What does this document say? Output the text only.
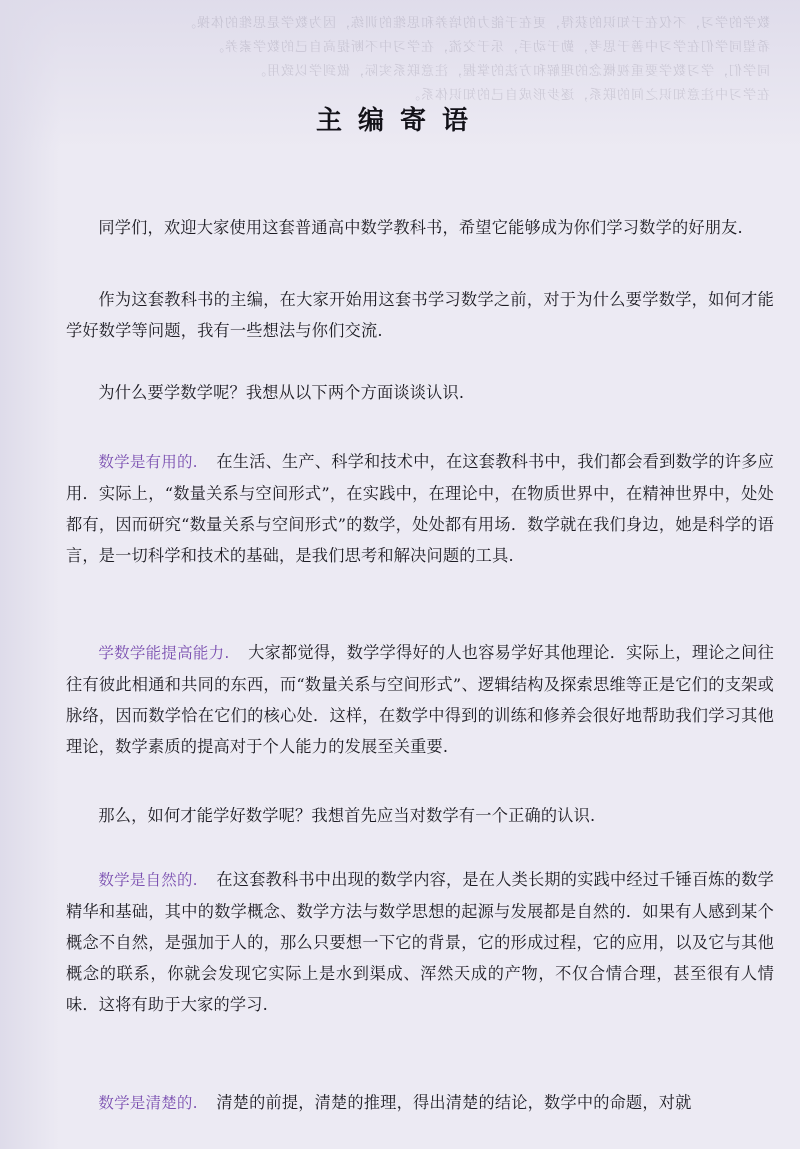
数学的学习，不仅在于知识的获得，更在于能力的培养和思维的训练，因为数学是思维的体操。
希望同学们在学习中善于思考，勤于动手，乐于交流，在学习中不断提高自己的数学素养。
同学们，学习数学要重视概念的理解和方法的掌握，注意联系实际，做到学以致用。
在学习中注意知识之间的联系，逐步形成自己的知识体系。
主编寄语

同学们，欢迎大家使用这套普通高中数学教科书，希望它能够成为你们学习数学的好朋友.

作为这套教科书的主编，在大家开始用这套书学习数学之前，对于为什么要学数学，如何才能学好数学等问题，我有一些想法与你们交流.

为什么要学数学呢？我想从以下两个方面谈谈认识.

数学是有用的. 在生活、生产、科学和技术中，在这套教科书中，我们都会看到数学的许多应用．实际上，“数量关系与空间形式”，在实践中，在理论中，在物质世界中，在精神世界中，处处都有，因而研究“数量关系与空间形式”的数学，处处都有用场．数学就在我们身边，她是科学的语言，是一切科学和技术的基础，是我们思考和解决问题的工具.

学数学能提高能力. 大家都觉得，数学学得好的人也容易学好其他理论．实际上，理论之间往往有彼此相通和共同的东西，而“数量关系与空间形式”、逻辑结构及探索思维等正是它们的支架或脉络，因而数学恰在它们的核心处．这样，在数学中得到的训练和修养会很好地帮助我们学习其他理论，数学素质的提高对于个人能力的发展至关重要.

那么，如何才能学好数学呢？我想首先应当对数学有一个正确的认识.

数学是自然的. 在这套教科书中出现的数学内容，是在人类长期的实践中经过千锤百炼的数学精华和基础，其中的数学概念、数学方法与数学思想的起源与发展都是自然的．如果有人感到某个概念不自然，是强加于人的，那么只要想一下它的背景，它的形成过程，它的应用，以及它与其他概念的联系，你就会发现它实际上是水到渠成、浑然天成的产物，不仅合情合理，甚至很有人情味．这将有助于大家的学习.

数学是清楚的. 清楚的前提，清楚的推理，得出清楚的结论，数学中的命题，对就
